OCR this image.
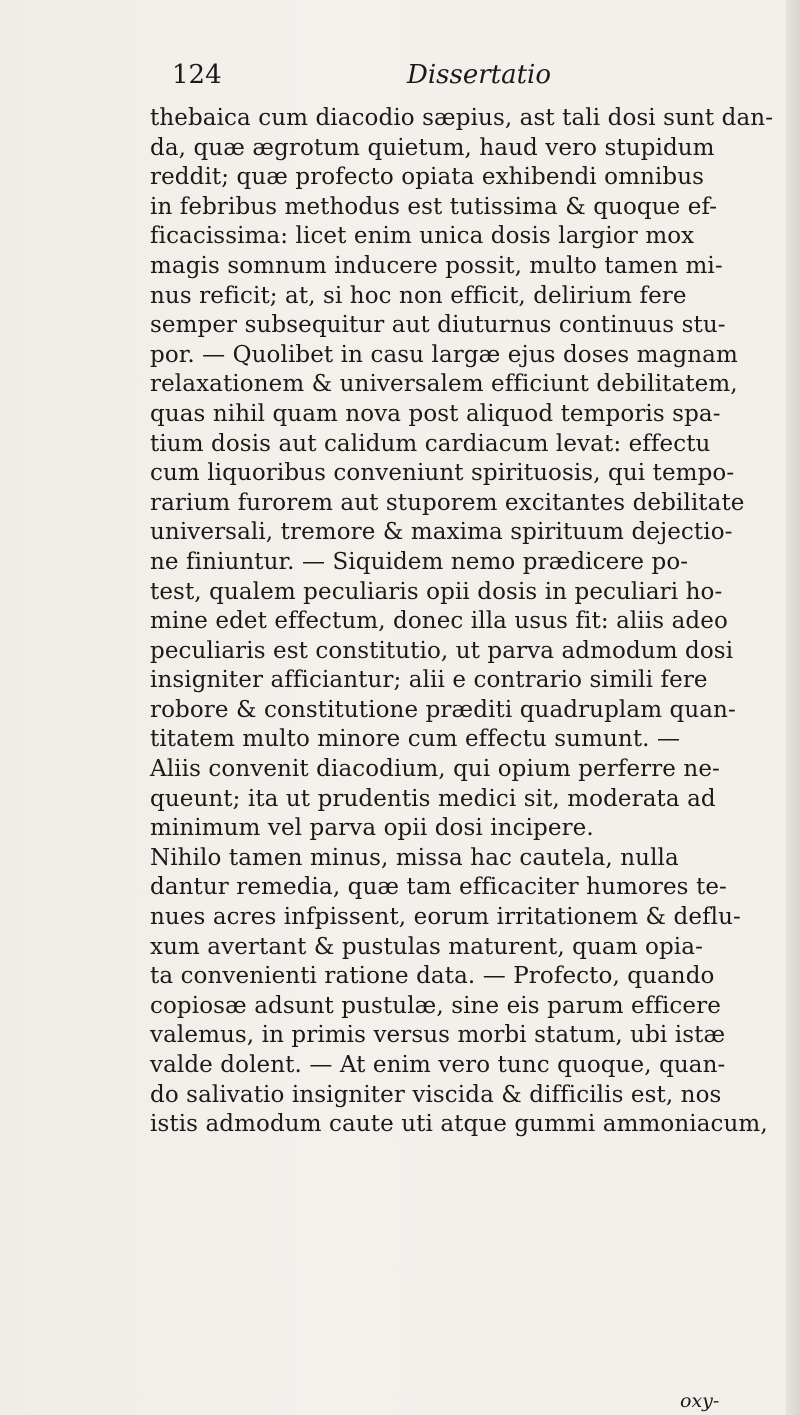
124	Dissertatio
thebaica cum diacodio sæpius, ast tali dosi sunt dan-
da, quæ ægrotum quietum, haud vero stupidum
reddit; quæ profecto opiata exhibendi omnibus
in febribus methodus est tutissima & quoque ef-
ficacissima: licet enim unica dosis largior mox
magis somnum inducere possit, multo tamen mi-
nus reficit; at, si hoc non efficit, delirium fere
semper subsequitur aut diuturnus continuus stu-
por. — Quolibet in casu largæ ejus doses magnam
relaxationem & universalem efficiunt debilitatem,
quas nihil quam nova post aliquod temporis spa-
tium dosis aut calidum cardiacum levat: effectu
cum liquoribus conveniunt spirituosis, qui tempo-
rarium furorem aut stuporem excitantes debilitate
universali, tremore & maxima spirituum dejectio-
ne finiuntur. — Siquidem nemo prædicere po-
test, qualem peculiaris opii dosis in peculiari ho-
mine edet effectum, donec illa usus fit: aliis adeo
peculiaris est constitutio, ut parva admodum dosi
insigniter afficiantur; alii e contrario simili fere
robore & constitutione præditi quadruplam quan-
titatem multo minore cum effectu sumunt. —
Aliis convenit diacodium, qui opium perferre ne-
queunt; ita ut prudentis medici sit, moderata ad
minimum vel parva opii dosi incipere.
Nihilo tamen minus, missa hac cautela, nulla
dantur remedia, quæ tam efficaciter humores te-
nues acres infpissent, eorum irritationem & deflu-
xum avertant & pustulas maturent, quam opia-
ta convenienti ratione data. — Profecto, quando
copiosæ adsunt pustulæ, sine eis parum efficere
valemus, in primis versus morbi statum, ubi istæ
valde dolent. — At enim vero tunc quoque, quan-
do salivatio insigniter viscida & difficilis est, nos
istis admodum caute uti atque gummi ammoniacum,
oxy-
